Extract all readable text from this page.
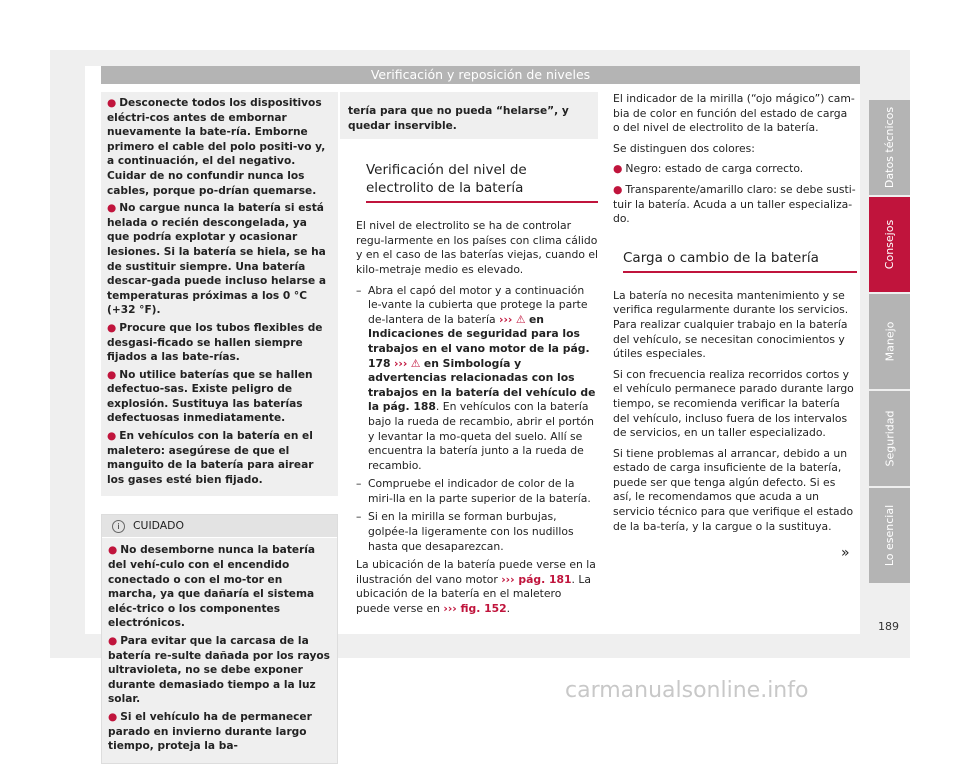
Verificación y reposición de niveles

● Desconecte todos los dispositivos eléctri-cos antes de embornar nuevamente la bate-ría. Emborne primero el cable del polo positi-vo y, a continuación, el del negativo. Cuidar de no confundir nunca los cables, porque po-drían quemarse.

● No cargue nunca la batería si está helada o recién descongelada, ya que podría explotar y ocasionar lesiones. Si la batería se hiela, se ha de sustituir siempre. Una batería descar-gada puede incluso helarse a temperaturas próximas a los 0 °C (+32 °F).

● Procure que los tubos flexibles de desgasi-ficado se hallen siempre fijados a las bate-rías.

● No utilice baterías que se hallen defectuo-sas. Existe peligro de explosión. Sustituya las baterías defectuosas inmediatamente.

● En vehículos con la batería en el maletero: asegúrese de que el manguito de la batería para airear los gases esté bien fijado.

i CUIDADO

● No desemborne nunca la batería del vehí-culo con el encendido conectado o con el mo-tor en marcha, ya que dañaría el sistema eléc-trico o los componentes electrónicos.

● Para evitar que la carcasa de la batería re-sulte dañada por los rayos ultravioleta, no se debe exponer durante demasiado tiempo a la luz solar.

● Si el vehículo ha de permanecer parado en invierno durante largo tiempo, proteja la ba-

tería para que no pueda “helarse”, y quedar inservible.
Verificación del nivel de electrolito de la batería

El nivel de electrolito se ha de controlar regu-larmente en los países con clima cálido y en el caso de las baterías viejas, cuando el kilo-metraje medio es elevado.

– Abra el capó del motor y a continuación le-vante la cubierta que protege la parte de-lantera de la batería ››› ⚠ en Indicaciones de seguridad para los trabajos en el vano motor de la pág. 178 ››› ⚠ en Simbología y advertencias relacionadas con los trabajos en la batería del vehículo de la pág. 188. En vehículos con la batería bajo la rueda de recambio, abrir el portón y levantar la mo-queta del suelo. Allí se encuentra la batería junto a la rueda de recambio.
– Compruebe el indicador de color de la miri-lla en la parte superior de la batería.
– Si en la mirilla se forman burbujas, golpée-la ligeramente con los nudillos hasta que desaparezcan.

La ubicación de la batería puede verse en la ilustración del vano motor ››› pág. 181. La ubicación de la batería en el maletero puede verse en ››› fig. 152.

El indicador de la mirilla (“ojo mágico”) cam-bia de color en función del estado de carga o del nivel de electrolito de la batería.

Se distinguen dos colores:

● Negro: estado de carga correcto.

● Transparente/amarillo claro: se debe susti-tuir la batería. Acuda a un taller especializa-do.

Carga o cambio de la batería

La batería no necesita mantenimiento y se verifica regularmente durante los servicios. Para realizar cualquier trabajo en la batería del vehículo, se necesitan conocimientos y útiles especiales.

Si con frecuencia realiza recorridos cortos y el vehículo permanece parado durante largo tiempo, se recomienda verificar la batería del vehículo, incluso fuera de los intervalos de servicios, en un taller especializado.

Si tiene problemas al arrancar, debido a un estado de carga insuficiente de la batería, puede ser que tenga algún defecto. Si es así, le recomendamos que acuda a un servicio técnico para que verifique el estado de la ba-tería, y la cargue o la sustituya.

»
Datos técnicos
Consejos
Manejo
Seguridad
Lo esencial
189
carmanualsonline.info
